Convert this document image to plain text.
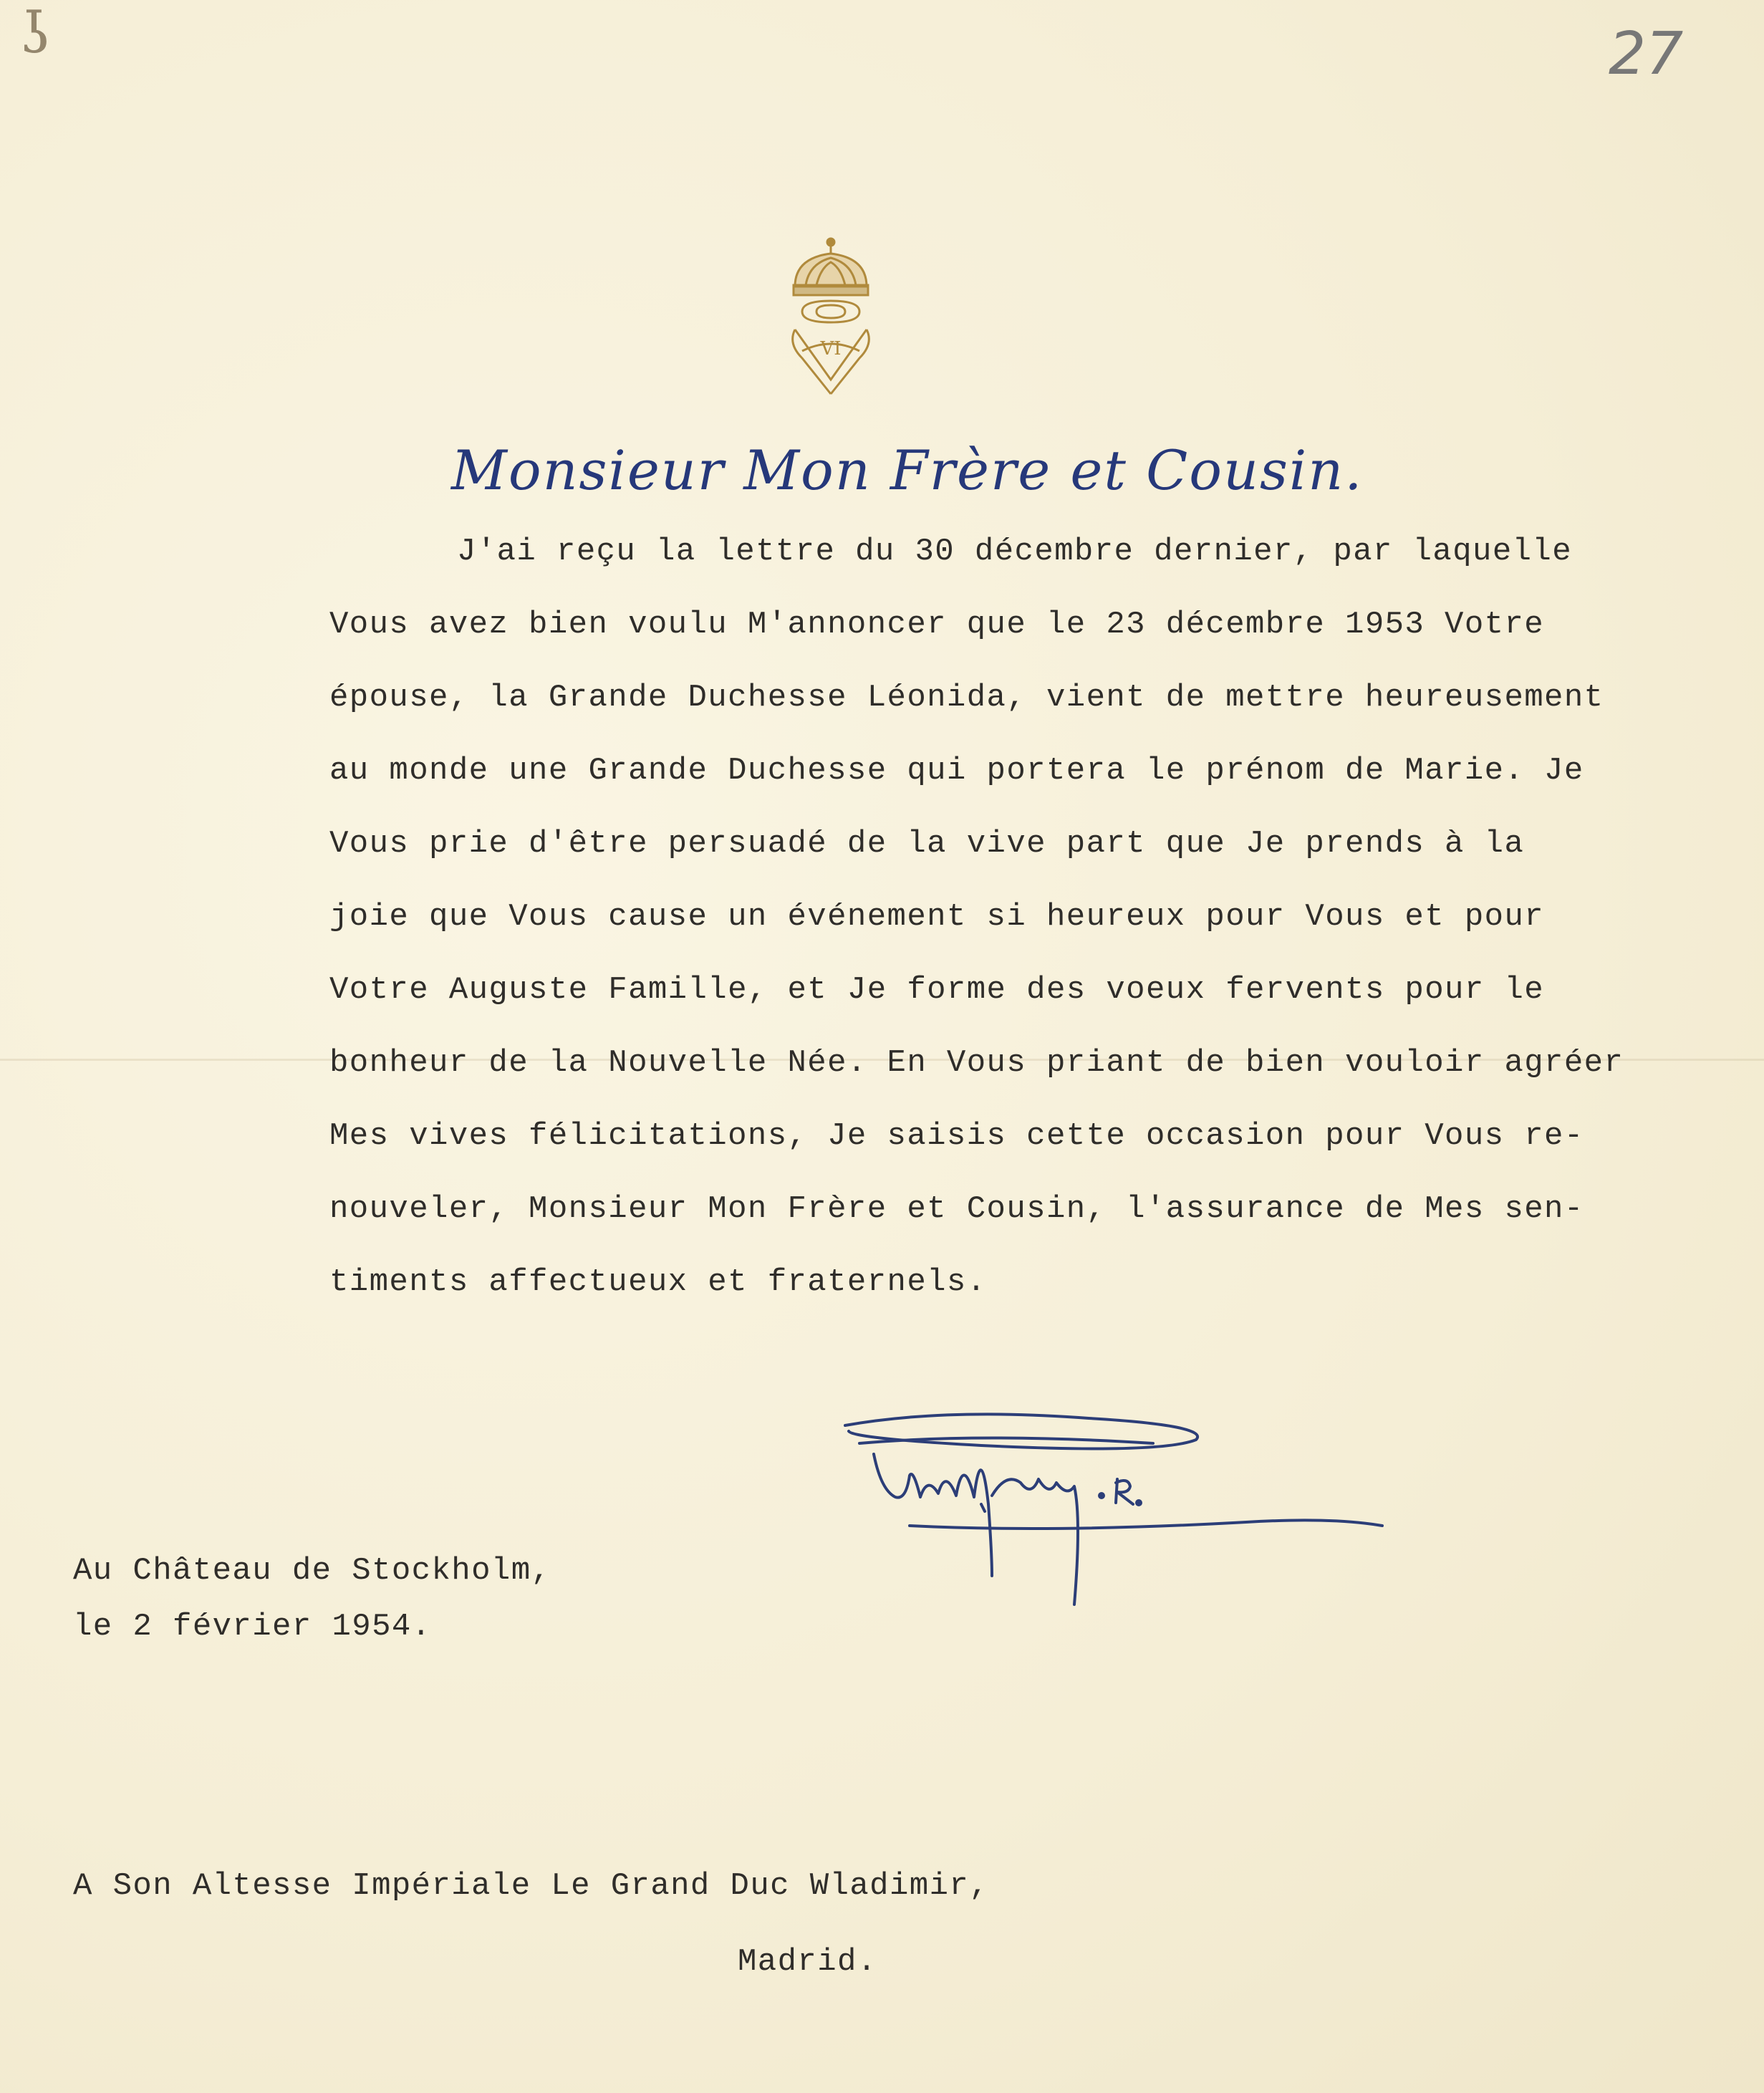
ʖ	27
VI
Monsieur Mon Frère et Cousin.
J'ai reçu la lettre du 30 décembre dernier, par laquelle
Vous avez bien voulu M'annoncer que le 23 décembre 1953 Votre
épouse, la Grande Duchesse Léonida, vient de mettre heureusement
au monde une Grande Duchesse qui portera le prénom de Marie. Je
Vous prie d'être persuadé de la vive part que Je prends à la
joie que Vous cause un événement si heureux pour Vous et pour
Votre Auguste Famille, et Je forme des voeux fervents pour le
bonheur de la Nouvelle Née. En Vous priant de bien vouloir agréer
Mes vives félicitations, Je saisis cette occasion pour Vous re-
nouveler, Monsieur Mon Frère et Cousin, l'assurance de Mes sen-
timents affectueux et fraternels.
Au Château de Stockholm,
le 2 février 1954.
A Son Altesse Impériale Le Grand Duc Wladimir,
Madrid.
